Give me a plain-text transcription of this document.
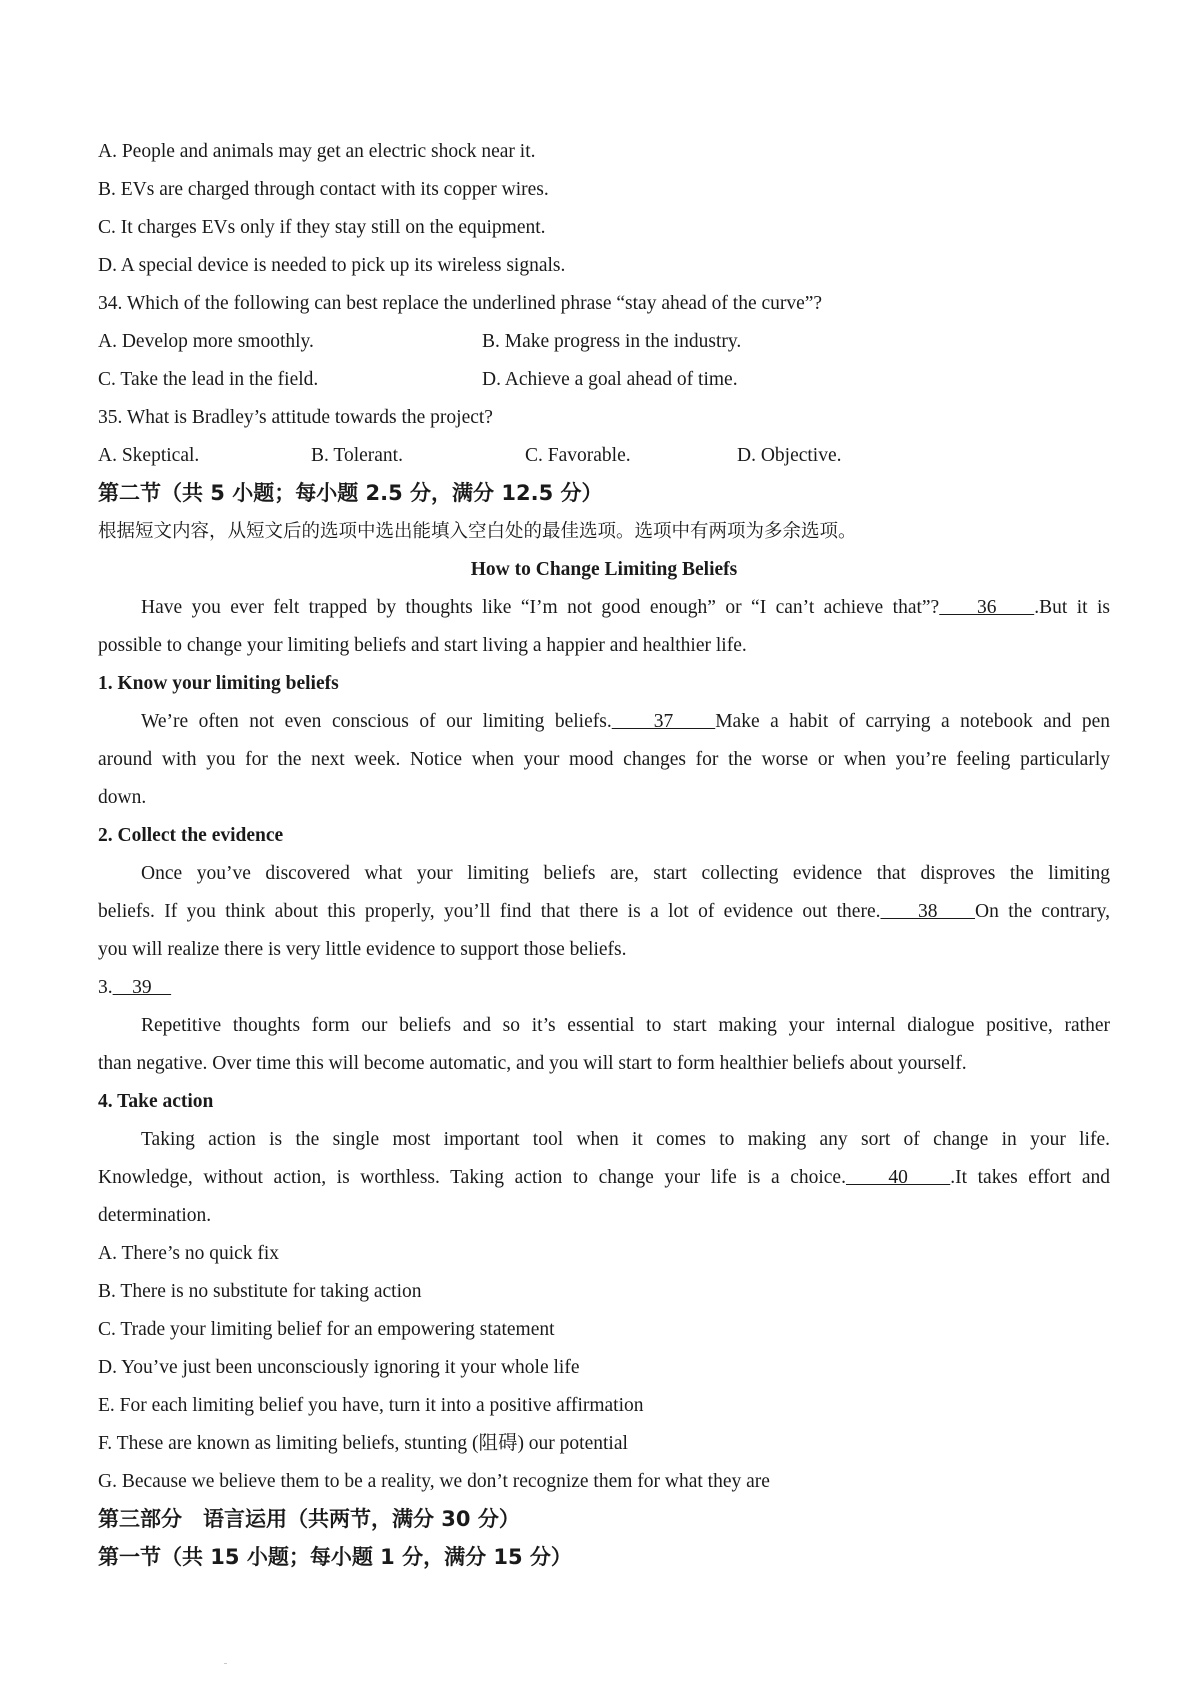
A. People and animals may get an electric shock near it.
B. EVs are charged through contact with its copper wires.
C. It charges EVs only if they stay still on the equipment.
D. A special device is needed to pick up its wireless signals.
34. Which of the following can best replace the underlined phrase “stay ahead of the curve”?
A. Develop more smoothly.	B. Make progress in the industry.
C. Take the lead in the field.	D. Achieve a goal ahead of time.
35. What is Bradley’s attitude towards the project?
A. Skeptical.	B. Tolerant.	C. Favorable.	D. Objective.
第二节（共 5 小题；每小题 2.5 分，满分 12.5 分）
根据短文内容，从短文后的选项中选出能填入空白处的最佳选项。选项中有两项为多余选项。
How to Change Limiting Beliefs
Have you ever felt trapped by thoughts like “I’m not good enough” or “I can’t achieve that”?    36    .But it is
possible to change your limiting beliefs and start living a happier and healthier life.
1. Know your limiting beliefs
We’re often not even conscious of our limiting beliefs.    37    Make a habit of carrying a notebook and pen
around with you for the next week. Notice when your mood changes for the worse or when you’re feeling particularly
down.
2. Collect the evidence
Once you’ve discovered what your limiting beliefs are, start collecting evidence that disproves the limiting
beliefs. If you think about this properly, you’ll find that there is a lot of evidence out there.    38    On the contrary,
you will realize there is very little evidence to support those beliefs.
3.    39
Repetitive thoughts form our beliefs and so it’s essential to start making your internal dialogue positive, rather
than negative. Over time this will become automatic, and you will start to form healthier beliefs about yourself.
4. Take action
Taking action is the single most important tool when it comes to making any sort of change in your life.
Knowledge, without action, is worthless. Taking action to change your life is a choice.    40    .It takes effort and
determination.
A. There’s no quick fix
B. There is no substitute for taking action
C. Trade your limiting belief for an empowering statement
D. You’ve just been unconsciously ignoring it your whole life
E. For each limiting belief you have, turn it into a positive affirmation
F. These are known as limiting beliefs, stunting (阻碍) our potential
G. Because we believe them to be a reality, we don’t recognize them for what they are
第三部分　语言运用（共两节，满分 30 分）
第一节（共 15 小题；每小题 1 分，满分 15 分）
